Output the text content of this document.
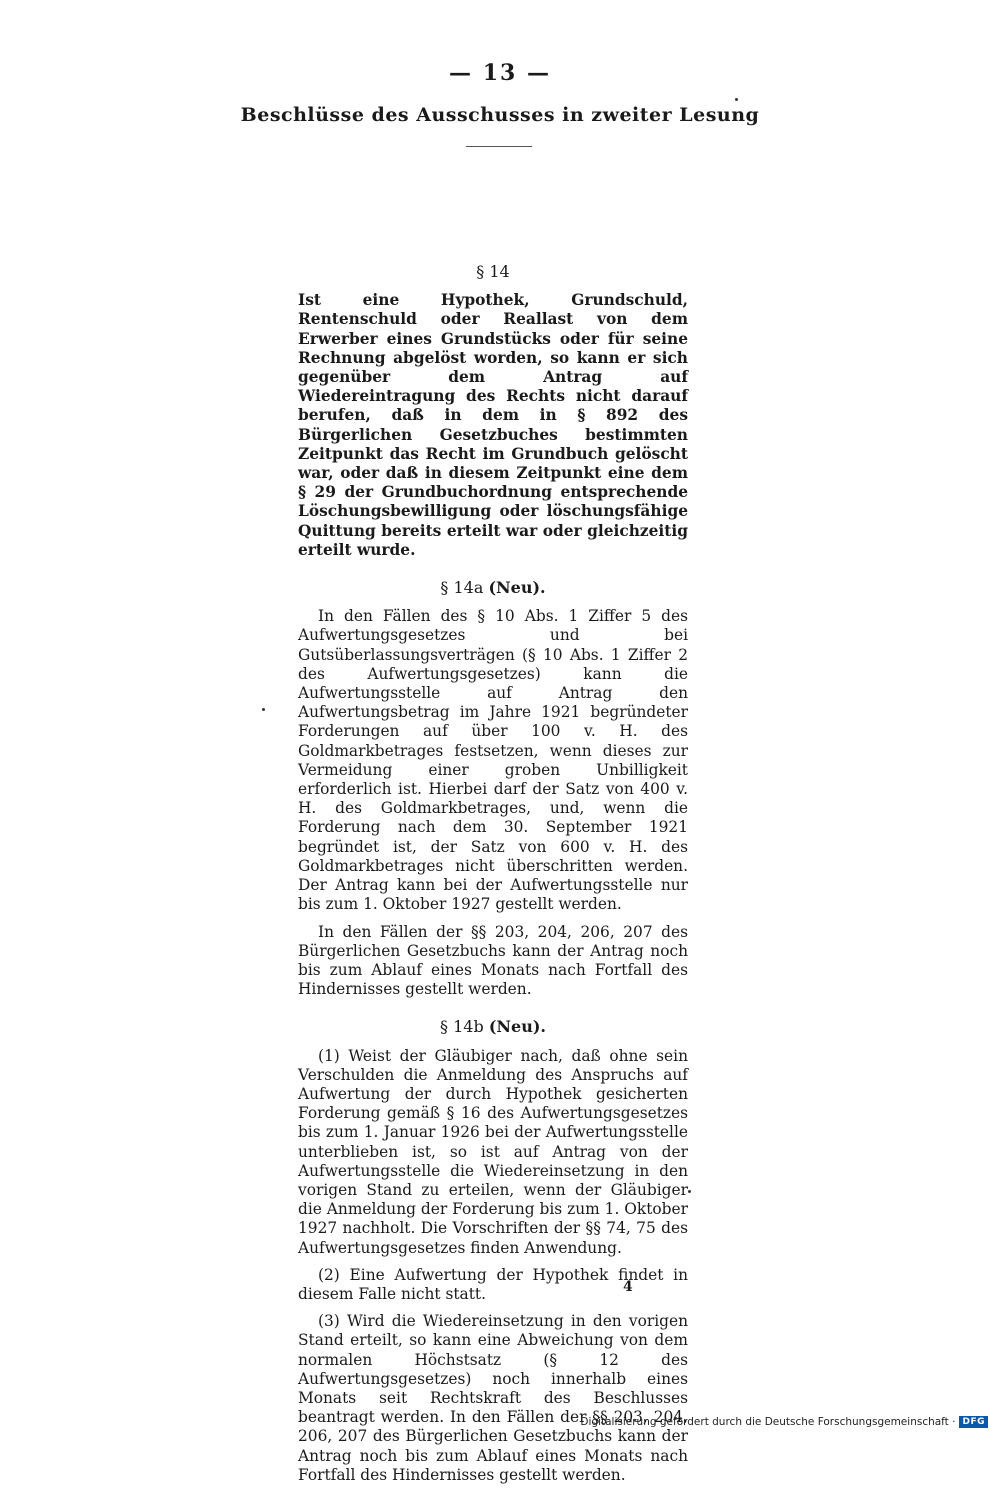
— 13 —
Beschlüsse des Ausschusses in zweiter Lesung
§ 14

Ist eine Hypothek, Grundschuld, Rentenschuld oder Reallast von dem Erwerber eines Grundstücks oder für seine Rechnung abgelöst worden, so kann er sich gegenüber dem Antrag auf Wiedereintragung des Rechts nicht darauf berufen, daß in dem in § 892 des Bürgerlichen Gesetzbuches bestimmten Zeitpunkt das Recht im Grundbuch gelöscht war, oder daß in diesem Zeitpunkt eine dem § 29 der Grundbuchordnung entsprechende Löschungsbewilligung oder löschungsfähige Quittung bereits erteilt war oder gleichzeitig erteilt wurde.

§ 14a (Neu).

In den Fällen des § 10 Abs. 1 Ziffer 5 des Aufwertungsgesetzes und bei Gutsüberlassungsverträgen (§ 10 Abs. 1 Ziffer 2 des Aufwertungsgesetzes) kann die Aufwertungsstelle auf Antrag den Aufwertungsbetrag im Jahre 1921 begründeter Forderungen auf über 100 v. H. des Goldmarkbetrages festsetzen, wenn dieses zur Vermeidung einer groben Unbilligkeit erforderlich ist. Hierbei darf der Satz von 400 v. H. des Goldmarkbetrages, und, wenn die Forderung nach dem 30. September 1921 begründet ist, der Satz von 600 v. H. des Goldmarkbetrages nicht überschritten werden. Der Antrag kann bei der Aufwertungsstelle nur bis zum 1. Oktober 1927 gestellt werden.

In den Fällen der §§ 203, 204, 206, 207 des Bürgerlichen Gesetzbuchs kann der Antrag noch bis zum Ablauf eines Monats nach Fortfall des Hindernisses gestellt werden.

§ 14b (Neu).

(1) Weist der Gläubiger nach, daß ohne sein Verschulden die Anmeldung des Anspruchs auf Aufwertung der durch Hypothek gesicherten Forderung gemäß § 16 des Aufwertungsgesetzes bis zum 1. Januar 1926 bei der Aufwertungsstelle unterblieben ist, so ist auf Antrag von der Aufwertungsstelle die Wiedereinsetzung in den vorigen Stand zu erteilen, wenn der Gläubiger die Anmeldung der Forderung bis zum 1. Oktober 1927 nachholt. Die Vorschriften der §§ 74, 75 des Aufwertungsgesetzes finden Anwendung.

(2) Eine Aufwertung der Hypothek findet in diesem Falle nicht statt.

(3) Wird die Wiedereinsetzung in den vorigen Stand erteilt, so kann eine Abweichung von dem normalen Höchstsatz (§ 12 des Aufwertungsgesetzes) noch innerhalb eines Monats seit Rechtskraft des Beschlusses beantragt werden. In den Fällen der §§ 203, 204, 206, 207 des Bürgerlichen Gesetzbuchs kann der Antrag noch bis zum Ablauf eines Monats nach Fortfall des Hindernisses gestellt werden.

4
Digitalisierung gefördert durch die Deutsche Forschungsgemeinschaft · DFG
